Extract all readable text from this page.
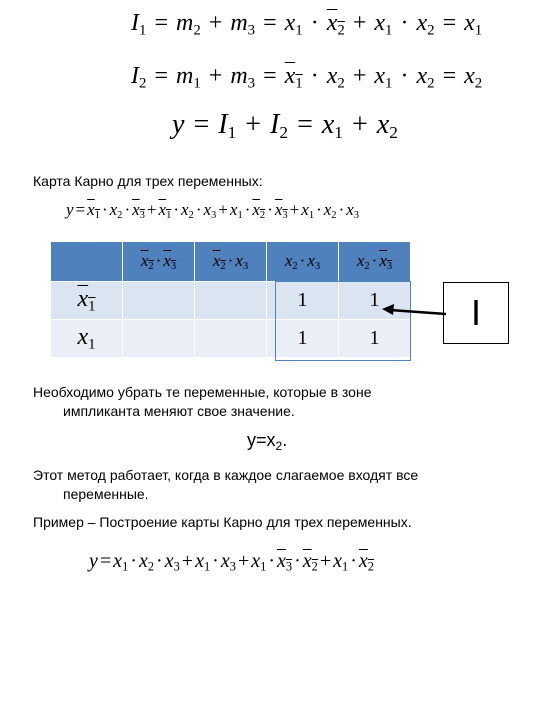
$I_1 = m_2 + m_3 = x_1 \cdot x_2 + x_1 \cdot x_2 = x_1$
$I_2 = m_1 + m_3 = x_1 \cdot x_2 + x_1 \cdot x_2 = x_2$
$y = I_1 + I_2 = x_1 + x_2$
Карта Карно для трех переменных:
$y = x_1 \cdot x_2 \cdot x_3 + x_1 \cdot x_2 \cdot x_3 + x_1 \cdot x_2 \cdot x_3 + x_1 \cdot x_2 \cdot x_3$
	$x_2 \cdot x_3$	$x_2 \cdot x_3$	$x_2 \cdot x_3$	$x_2 \cdot x_3$
$x_1$			1	1
$x_1$			1	1
I
Необходимо убрать те переменные, которые в зоне
импликанта меняют свое значение.
$y=x_2$.
Этот метод работает, когда в каждое слагаемое входят все
переменные.
Пример – Построение карты Карно для трех переменных.
$y = x_1 \cdot x_2 \cdot x_3 + x_1 \cdot x_3 + x_1 \cdot x_3 \cdot x_2 + x_1 \cdot x_2$
